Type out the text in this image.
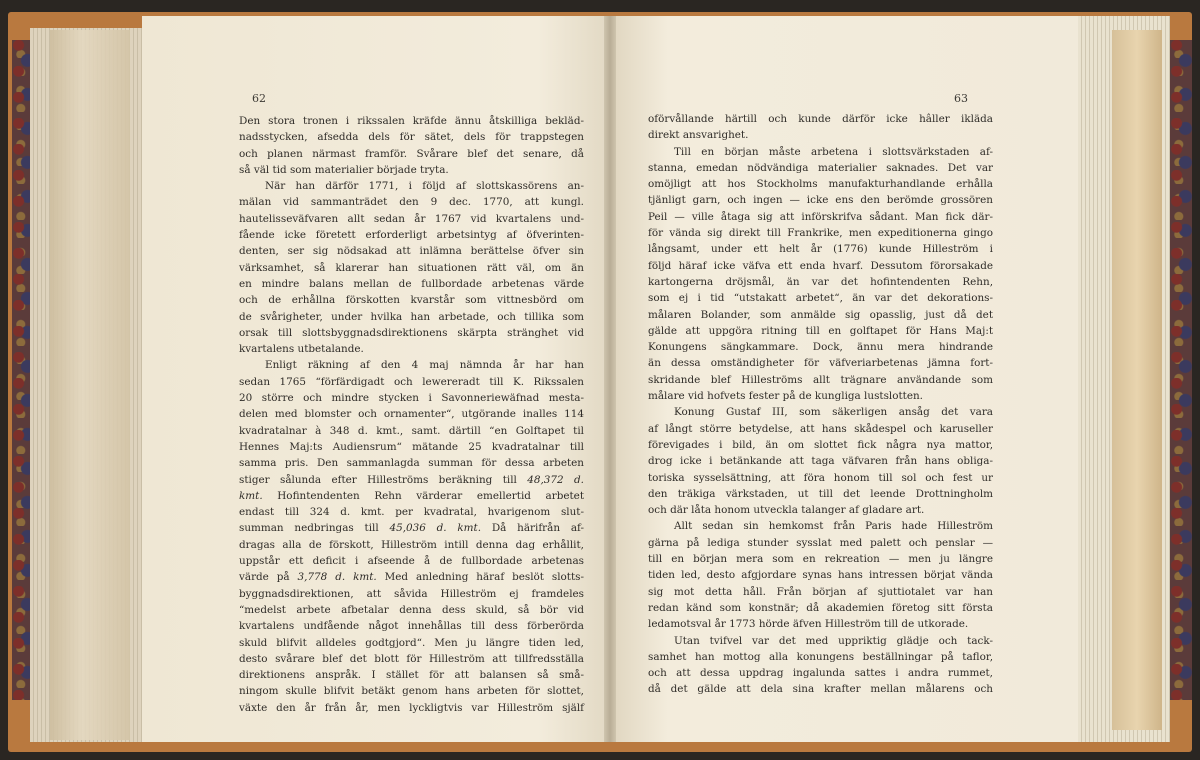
62
Den stora tronen i rikssalen kräfde ännu åtskilliga bekläd-
nadsstycken, afsedda dels för sätet, dels för trappstegen
och planen närmast framför. Svårare blef det senare, då
så väl tid som materialier började tryta.
När han därför 1771, i följd af slottskassörens an-
mälan vid sammanträdet den 9 dec. 1770, att kungl.
hautelisseväfvaren allt sedan år 1767 vid kvartalens und-
fående icke företett erforderligt arbetsintyg af öfverinten-
denten, ser sig nödsakad att inlämna berättelse öfver sin
värksamhet, så klarerar han situationen rätt väl, om än
en mindre balans mellan de fullbordade arbetenas värde
och de erhållna förskotten kvarstår som vittnesbörd om
de svårigheter, under hvilka han arbetade, och tillika som
orsak till slottsbyggnadsdirektionens skärpta stränghet vid
kvartalens utbetalande.
Enligt räkning af den 4 maj nämnda år har han
sedan 1765 “förfärdigadt och lewereradt till K. Rikssalen
20 större och mindre stycken i Savonneriewäfnad mesta-
delen med blomster och ornamenter“, utgörande inalles 114
kvadratalnar à 348 d. kmt., samt. därtill “en Golftapet til
Hennes Maj:ts Audiensrum“ mätande 25 kvadratalnar till
samma pris. Den sammanlagda summan för dessa arbeten
stiger sålunda efter Hilleströms beräkning till 48,372 d.
kmt. Hofintendenten Rehn värderar emellertid arbetet
endast till 324 d. kmt. per kvadratal, hvarigenom slut-
summan nedbringas till 45,036 d. kmt. Då härifrån af-
dragas alla de förskott, Hilleström intill denna dag erhållit,
uppstår ett deficit i afseende å de fullbordade arbetenas
värde på 3,778 d. kmt. Med anledning häraf beslöt slotts-
byggnadsdirektionen, att såvida Hilleström ej framdeles
“medelst arbete afbetalar denna dess skuld, så bör vid
kvartalens undfående något innehållas till dess förberörda
skuld blifvit alldeles godtgjord“. Men ju längre tiden led,
desto svårare blef det blott för Hilleström att tillfredsställa
direktionens anspråk. I stället för att balansen så små-
ningom skulle blifvit betäkt genom hans arbeten för slottet,
växte den år från år, men lyckligtvis var Hilleström själf
63
oförvållande härtill och kunde därför icke hâller ikläda
direkt ansvarighet.
Till en början måste arbetena i slottsvärkstaden af-
stanna, emedan nödvändiga materialier saknades. Det var
omöjligt att hos Stockholms manufakturhandlande erhålla
tjänligt garn, och ingen — icke ens den berömde grossören
Peil — ville åtaga sig att införskrifva sådant. Man fick där-
för vända sig direkt till Frankrike, men expeditionerna gingo
långsamt, under ett helt år (1776) kunde Hilleström i
följd häraf icke väfva ett enda hvarf. Dessutom förorsakade
kartongerna dröjsmål, än var det hofintendenten Rehn,
som ej i tid “utstakatt arbetet“, än var det dekorations-
målaren Bolander, som anmälde sig opasslig, just då det
gälde att uppgöra ritning till en golftapet för Hans Maj:t
Konungens sängkammare. Dock, ännu mera hindrande
än dessa omständigheter för väfveriarbetenas jämna fort-
skridande blef Hilleströms allt trägnare användande som
målare vid hofvets fester på de kungliga lustslotten.
Konung Gustaf III, som säkerligen ansåg det vara
af långt större betydelse, att hans skådespel och karuseller
förevigades i bild, än om slottet fick några nya mattor,
drog icke i betänkande att taga väfvaren från hans obliga-
toriska sysselsättning, att föra honom till sol och fest ur
den träkiga värkstaden, ut till det leende Drottningholm
och där låta honom utveckla talanger af gladare art.
Allt sedan sin hemkomst från Paris hade Hilleström
gärna på lediga stunder sysslat med palett och penslar —
till en början mera som en rekreation — men ju längre
tiden led, desto afgjordare synas hans intressen börjat vända
sig mot detta håll. Från början af sjuttiotalet var han
redan känd som konstnär; då akademien företog sitt första
ledamotsval år 1773 hörde äfven Hilleström till de utkorade.
Utan tvifvel var det med uppriktig glädje och tack-
samhet han mottog alla konungens beställningar på taflor,
och att dessa uppdrag ingalunda sattes i andra rummet,
då det gälde att dela sina krafter mellan målarens och
